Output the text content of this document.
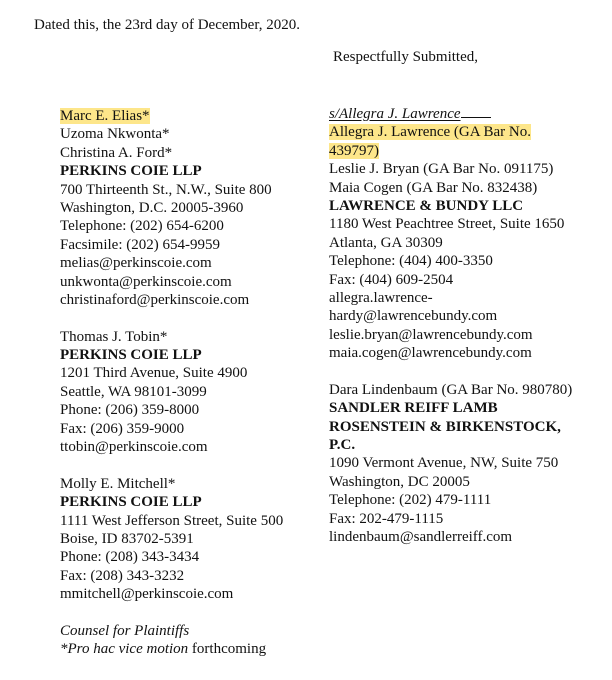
Dated this, the 23rd day of December, 2020.
Respectfully Submitted,
Marc E. Elias*
Uzoma Nkwonta*
Christina A. Ford*
PERKINS COIE LLP
700 Thirteenth St., N.W., Suite 800
Washington, D.C. 20005-3960
Telephone: (202) 654-6200
Facsimile: (202) 654-9959
melias@perkinscoie.com
unkwonta@perkinscoie.com
christinaford@perkinscoie.com
Thomas J. Tobin*
PERKINS COIE LLP
1201 Third Avenue, Suite 4900
Seattle, WA 98101-3099
Phone: (206) 359-8000
Fax: (206) 359-9000
ttobin@perkinscoie.com
Molly E. Mitchell*
PERKINS COIE LLP
1111 West Jefferson Street, Suite 500
Boise, ID 83702-5391
Phone: (208) 343-3434
Fax: (208) 343-3232
mmitchell@perkinscoie.com
Counsel for Plaintiffs
*Pro hac vice motion forthcoming
s/Allegra J. Lawrence
Allegra J. Lawrence (GA Bar No.
439797)
Leslie J. Bryan (GA Bar No. 091175)
Maia Cogen (GA Bar No. 832438)
LAWRENCE & BUNDY LLC
1180 West Peachtree Street, Suite 1650
Atlanta, GA 30309
Telephone: (404) 400-3350
Fax: (404) 609-2504
allegra.lawrence-
hardy@lawrencebundy.com
leslie.bryan@lawrencebundy.com
maia.cogen@lawrencebundy.com
Dara Lindenbaum (GA Bar No. 980780)
SANDLER REIFF LAMB
ROSENSTEIN & BIRKENSTOCK,
P.C.
1090 Vermont Avenue, NW, Suite 750
Washington, DC 20005
Telephone: (202) 479-1111
Fax: 202-479-1115
lindenbaum@sandlerreiff.com
